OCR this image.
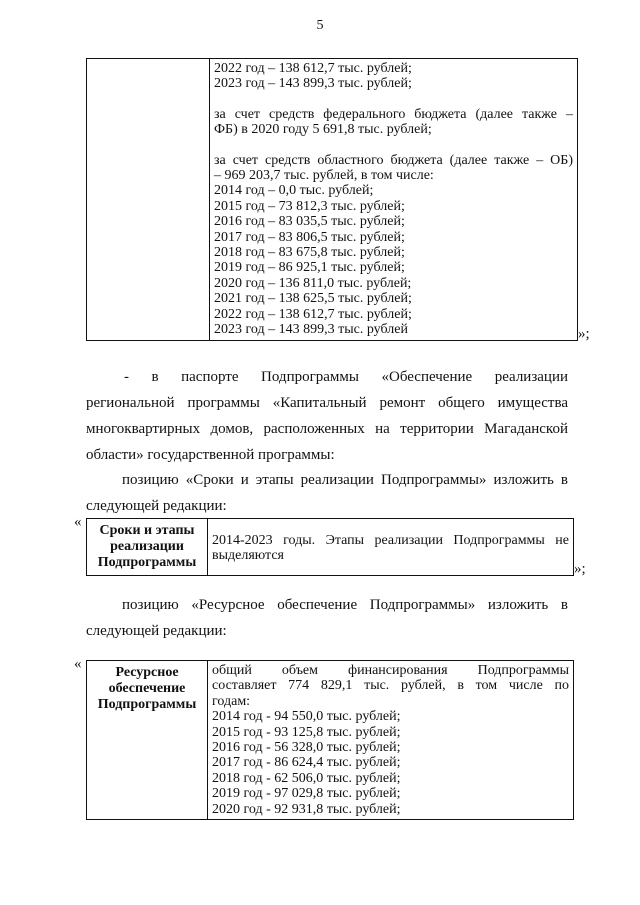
5

2022 год – 138 612,7 тыс. рублей;
2023 год – 143 899,3 тыс. рублей;
за счет средств федерального бюджета (далее также –
ФБ) в 2020 году 5 691,8 тыс. рублей;
за счет средств областного бюджета (далее также – ОБ)
– 969 203,7 тыс. рублей, в том числе:
2014 год – 0,0 тыс. рублей;
2015 год – 73 812,3 тыс. рублей;
2016 год – 83 035,5 тыс. рублей;
2017 год – 83 806,5 тыс. рублей;
2018 год – 83 675,8 тыс. рублей;
2019 год – 86 925,1 тыс. рублей;
2020 год – 136 811,0 тыс. рублей;
2021 год – 138 625,5 тыс. рублей;
2022 год – 138 612,7 тыс. рублей;
2023 год – 143 899,3 тыс. рублей	»;
- в паспорте Подпрограммы «Обеспечение реализации
региональной программы «Капитальный ремонт общего имущества
многоквартирных домов, расположенных на территории Магаданской
области» государственной программы:
позицию «Сроки и этапы реализации Подпрограммы» изложить в
следующей редакции:
«
Сроки и этапы
реализации
Подпрограммы

2014-2023 годы. Этапы реализации Подпрограммы не
выделяются
»;
позицию «Ресурсное обеспечение Подпрограммы» изложить в
следующей редакции:
«
Ресурсное
обеспечение
Подпрограммы

общий объем финансирования Подпрограммы
составляет 774 829,1 тыс. рублей, в том числе по
годам:
2014 год - 94 550,0 тыс. рублей;
2015 год - 93 125,8 тыс. рублей;
2016 год - 56 328,0 тыс. рублей;
2017 год - 86 624,4 тыс. рублей;
2018 год - 62 506,0 тыс. рублей;
2019 год - 97 029,8 тыс. рублей;
2020 год - 92 931,8 тыс. рублей;
